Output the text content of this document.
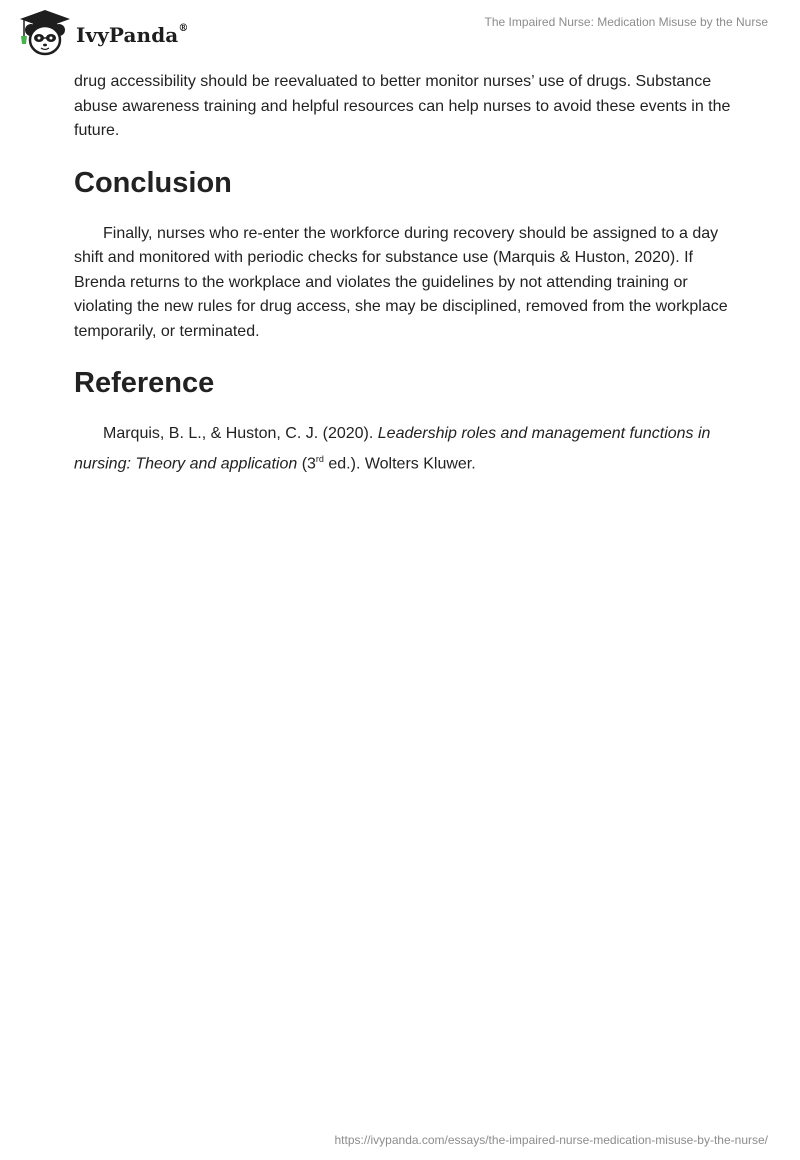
IvyPanda®	The Impaired Nurse: Medication Misuse by the Nurse

drug accessibility should be reevaluated to better monitor nurses’ use of drugs. Substance abuse awareness training and helpful resources can help nurses to avoid these events in the future.

Conclusion

Finally, nurses who re-enter the workforce during recovery should be assigned to a day shift and monitored with periodic checks for substance use (Marquis & Huston, 2020). If Brenda returns to the workplace and violates the guidelines by not attending training or violating the new rules for drug access, she may be disciplined, removed from the workplace temporarily, or terminated.

Reference

Marquis, B. L., & Huston, C. J. (2020). Leadership roles and management functions in nursing: Theory and application (3rd ed.). Wolters Kluwer.

https://ivypanda.com/essays/the-impaired-nurse-medication-misuse-by-the-nurse/
